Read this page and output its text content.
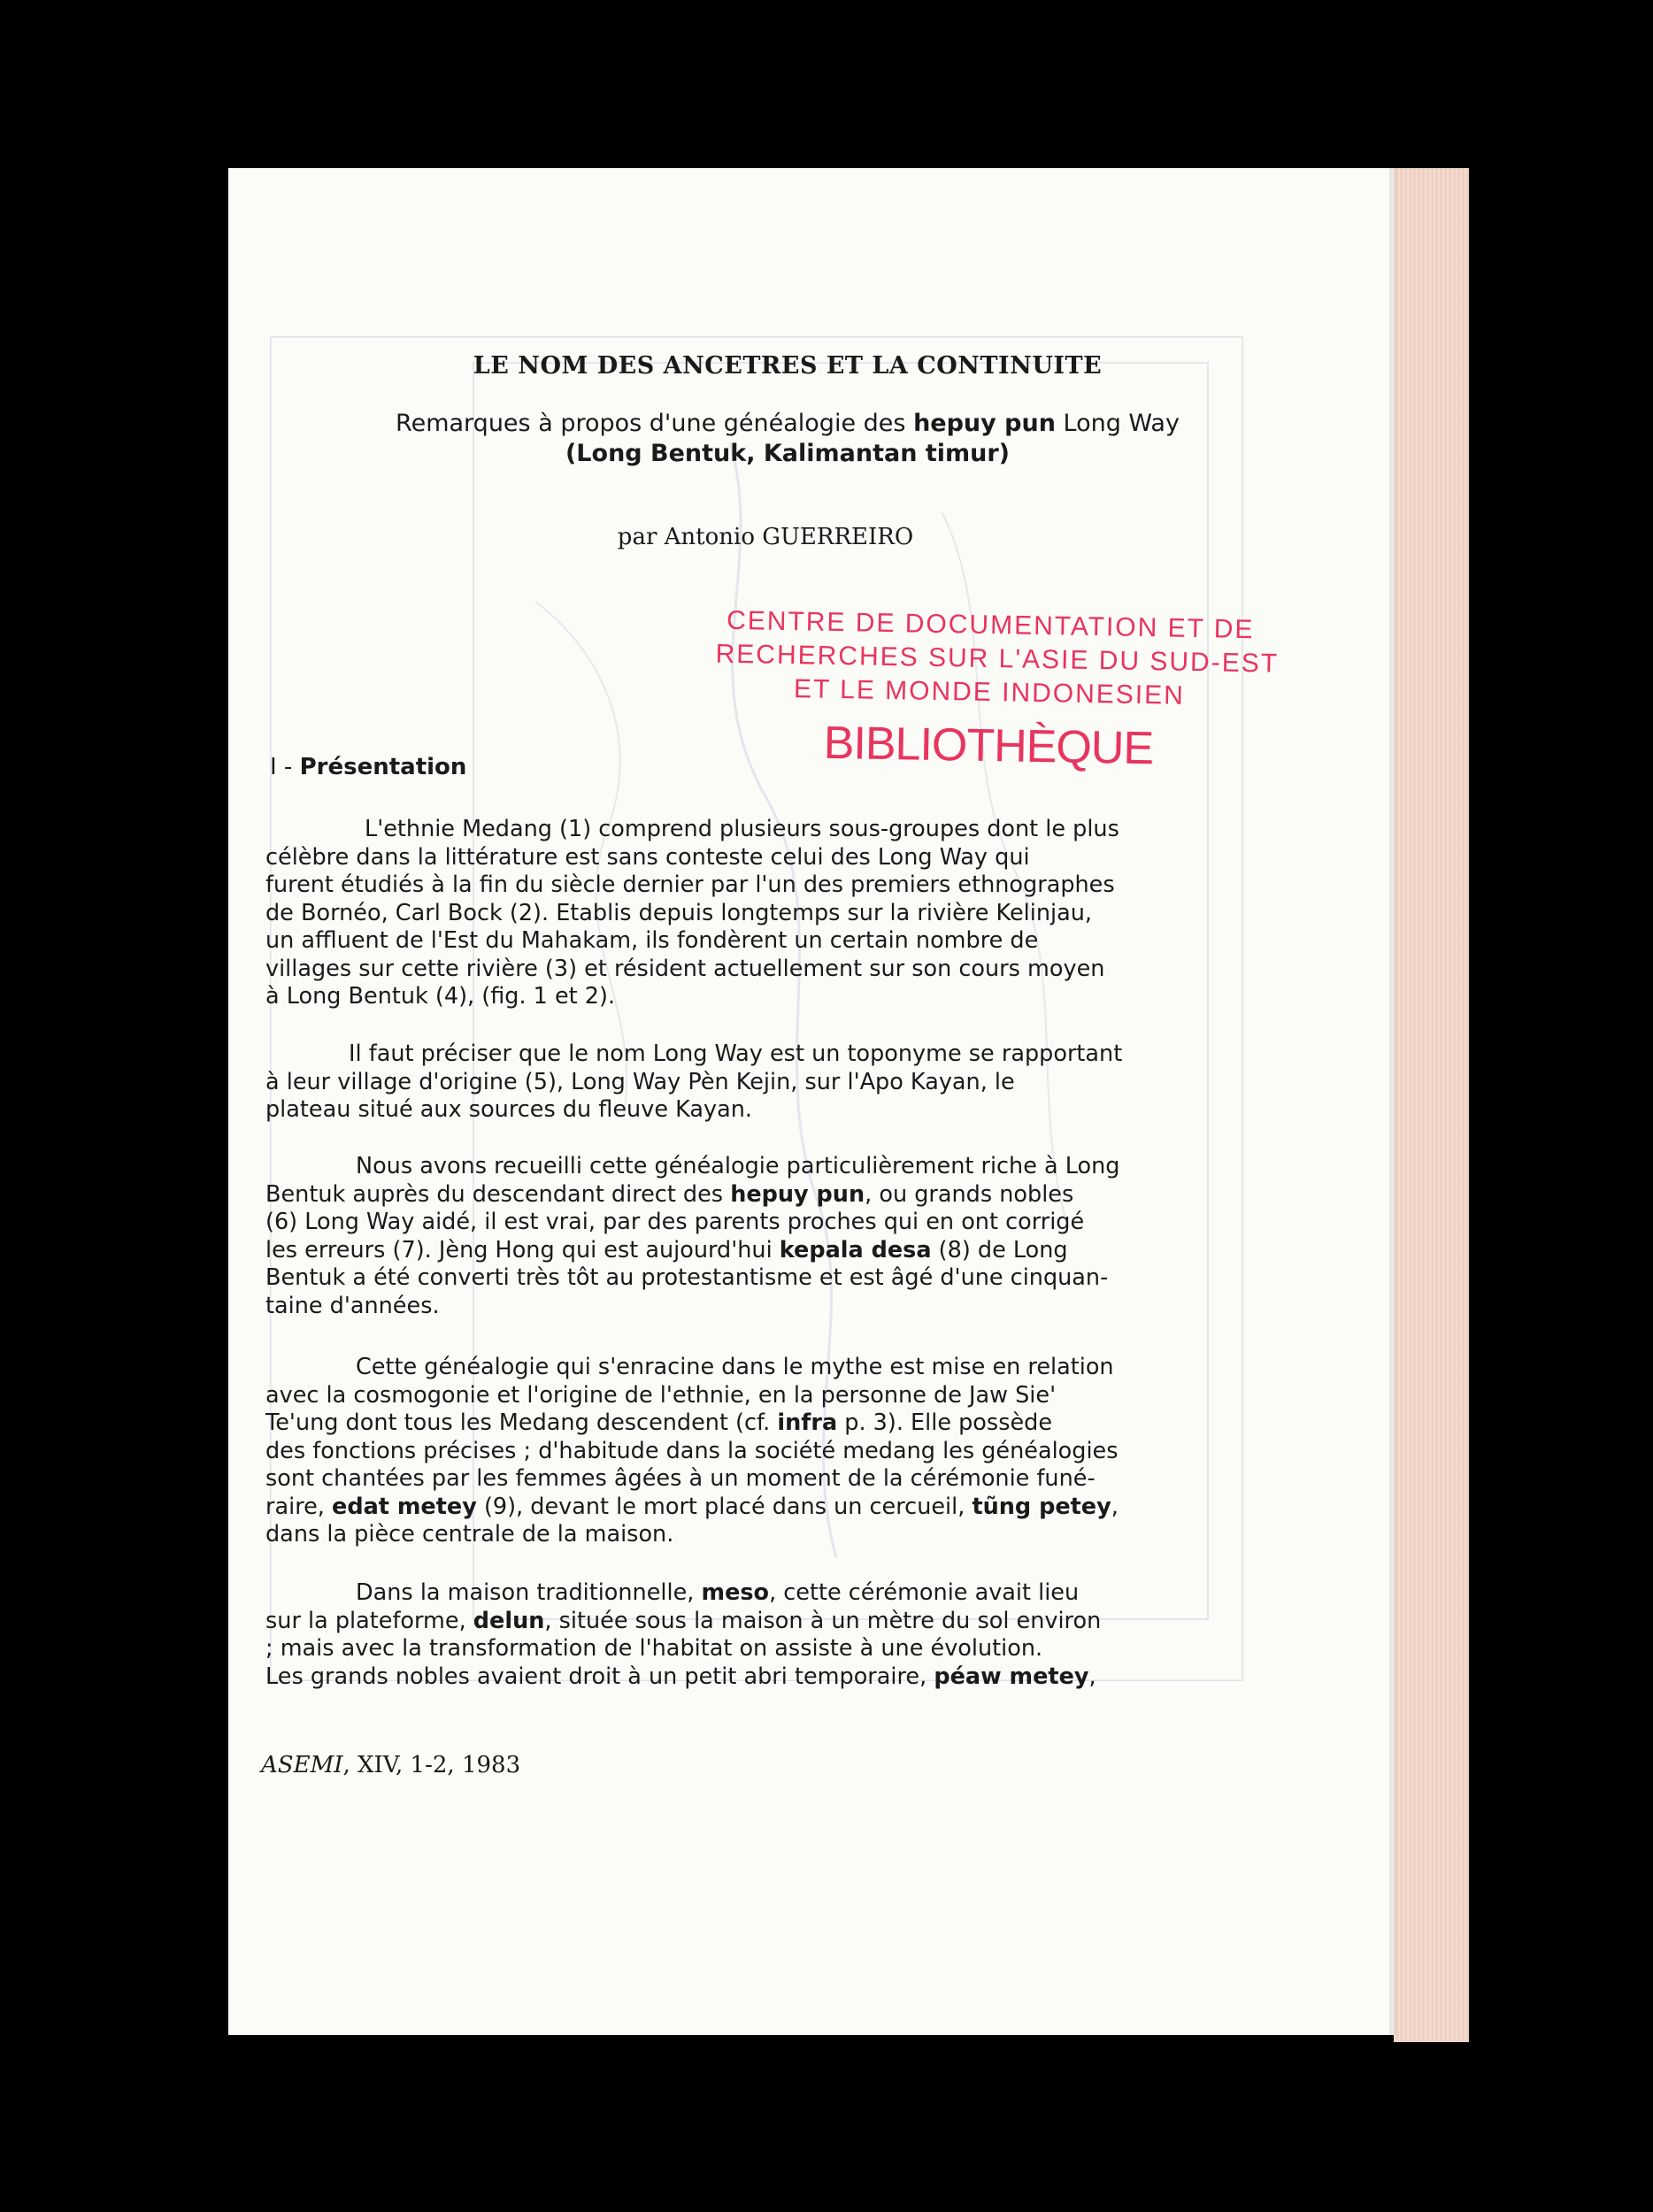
LE NOM DES ANCETRES ET LA CONTINUITE
Remarques à propos d'une généalogie des hepuy pun Long Way
(Long Bentuk, Kalimantan timur)
par Antonio GUERREIRO
CENTRE DE DOCUMENTATION ET DE
RECHERCHES SUR L'ASIE DU SUD-EST
ET LE MONDE INDONESIEN
BIBLIOTHÈQUE
I - Présentation
L'ethnie Medang (1) comprend plusieurs sous-groupes dont le plus
célèbre dans la littérature est sans conteste celui des Long Way qui
furent étudiés à la fin du siècle dernier par l'un des premiers ethnographes
de Bornéo, Carl Bock (2). Etablis depuis longtemps sur la rivière Kelinjau,
un affluent de l'Est du Mahakam, ils fondèrent un certain nombre de
villages sur cette rivière (3) et résident actuellement sur son cours moyen
à Long Bentuk (4), (fig. 1 et 2).
Il faut préciser que le nom Long Way est un toponyme se rapportant
à leur village d'origine (5), Long Way Pèn Kejin, sur l'Apo Kayan, le
plateau situé aux sources du fleuve Kayan.
Nous avons recueilli cette généalogie particulièrement riche à Long
Bentuk auprès du descendant direct des hepuy pun, ou grands nobles
(6) Long Way aidé, il est vrai, par des parents proches qui en ont corrigé
les erreurs (7). Jèng Hong qui est aujourd'hui kepala desa (8) de Long
Bentuk a été converti très tôt au protestantisme et est âgé d'une cinquan-
taine d'années.
Cette généalogie qui s'enracine dans le mythe est mise en relation
avec la cosmogonie et l'origine de l'ethnie, en la personne de Jaw Sie'
Te'ung dont tous les Medang descendent (cf. infra p. 3). Elle possède
des fonctions précises ; d'habitude dans la société medang les généalogies
sont chantées par les femmes âgées à un moment de la cérémonie funé-
raire, edat metey (9), devant le mort placé dans un cercueil, tũng petey,
dans la pièce centrale de la maison.
Dans la maison traditionnelle, meso, cette cérémonie avait lieu
sur la plateforme, delun, située sous la maison à un mètre du sol environ
; mais avec la transformation de l'habitat on assiste à une évolution.
Les grands nobles avaient droit à un petit abri temporaire, péaw metey,
ASEMI, XIV, 1-2, 1983
